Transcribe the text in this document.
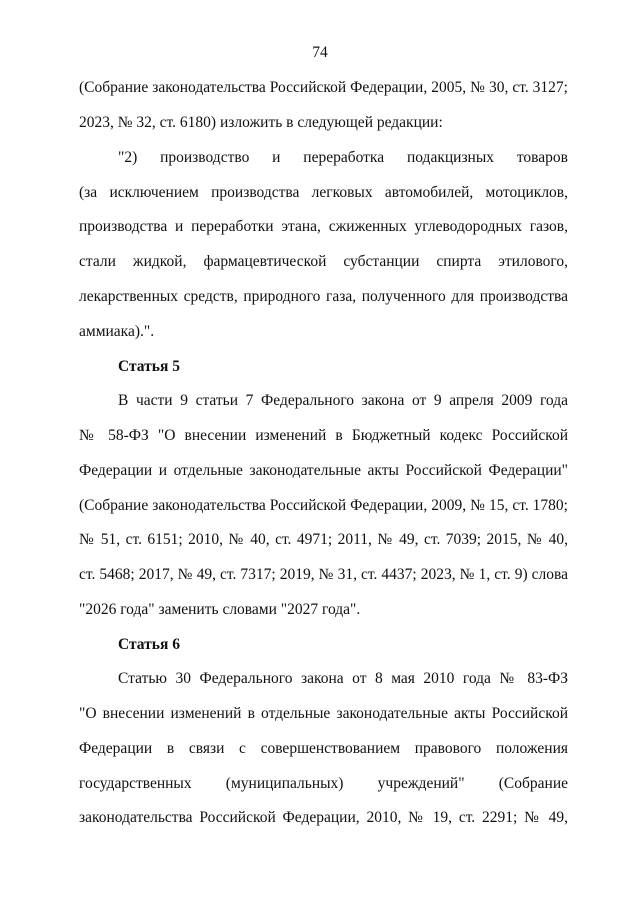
74
(Собрание законодательства Российской Федерации, 2005, № 30, ст. 3127;
2023, № 32, ст. 6180) изложить в следующей редакции:
"2) производство и переработка подакцизных товаров
(за исключением производства легковых автомобилей, мотоциклов,
производства и переработки этана, сжиженных углеводородных газов,
стали жидкой, фармацевтической субстанции спирта этилового,
лекарственных средств, природного газа, полученного для производства
аммиака).".
Статья 5
В части 9 статьи 7 Федерального закона от 9 апреля 2009 года
№ 58-ФЗ "О внесении изменений в Бюджетный кодекс Российской
Федерации и отдельные законодательные акты Российской Федерации"
(Собрание законодательства Российской Федерации, 2009, № 15, ст. 1780;
№ 51, ст. 6151; 2010, № 40, ст. 4971; 2011, № 49, ст. 7039; 2015, № 40,
ст. 5468; 2017, № 49, ст. 7317; 2019, № 31, ст. 4437; 2023, № 1, ст. 9) слова
"2026 года" заменить словами "2027 года".
Статья 6
Статью 30 Федерального закона от 8 мая 2010 года № 83-ФЗ
"О внесении изменений в отдельные законодательные акты Российской
Федерации в связи с совершенствованием правового положения
государственных (муниципальных) учреждений" (Собрание
законодательства Российской Федерации, 2010, № 19, ст. 2291; № 49,
